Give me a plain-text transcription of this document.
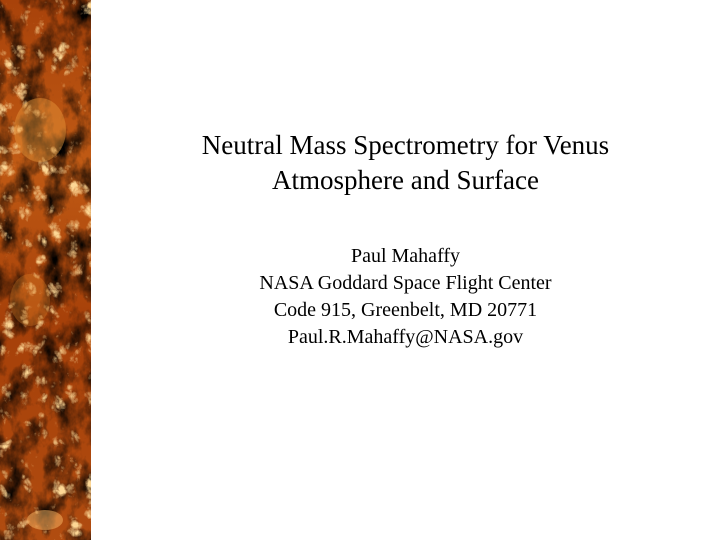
Neutral Mass Spectrometry for Venus
Atmosphere and Surface
Paul Mahaffy
NASA Goddard Space Flight Center
Code 915, Greenbelt, MD 20771
Paul.R.Mahaffy@NASA.gov
